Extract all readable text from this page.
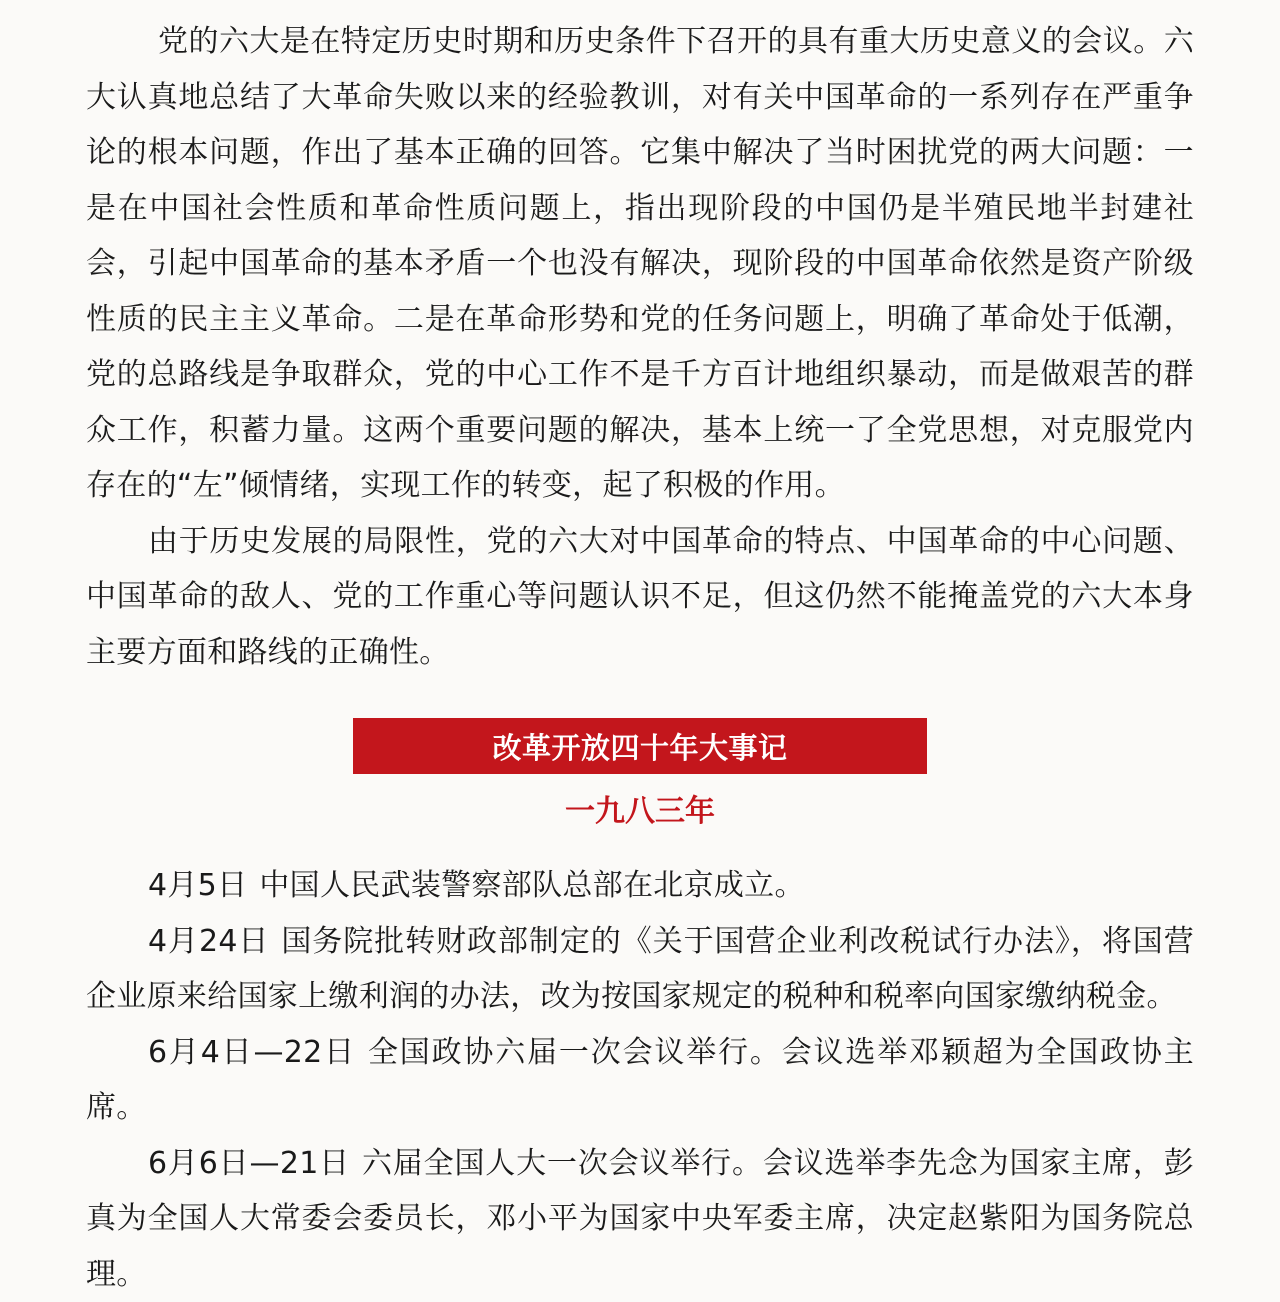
党的六大是在特定历史时期和历史条件下召开的具有重大历史意义的会议。六大认真地总结了大革命失败以来的经验教训，对有关中国革命的一系列存在严重争论的根本问题，作出了基本正确的回答。它集中解决了当时困扰党的两大问题：一是在中国社会性质和革命性质问题上，指出现阶段的中国仍是半殖民地半封建社会，引起中国革命的基本矛盾一个也没有解决，现阶段的中国革命依然是资产阶级性质的民主主义革命。二是在革命形势和党的任务问题上，明确了革命处于低潮，党的总路线是争取群众，党的中心工作不是千方百计地组织暴动，而是做艰苦的群众工作，积蓄力量。这两个重要问题的解决，基本上统一了全党思想，对克服党内存在的“左”倾情绪，实现工作的转变，起了积极的作用。

由于历史发展的局限性，党的六大对中国革命的特点、中国革命的中心问题、中国革命的敌人、党的工作重心等问题认识不足，但这仍然不能掩盖党的六大本身主要方面和路线的正确性。

改革开放四十年大事记
一九八三年

4月5日 中国人民武装警察部队总部在北京成立。

4月24日 国务院批转财政部制定的《关于国营企业利改税试行办法》，将国营企业原来给国家上缴利润的办法，改为按国家规定的税种和税率向国家缴纳税金。

6月4日—22日 全国政协六届一次会议举行。会议选举邓颖超为全国政协主席。

6月6日—21日 六届全国人大一次会议举行。会议选举李先念为国家主席，彭真为全国人大常委会委员长，邓小平为国家中央军委主席，决定赵紫阳为国务院总理。
